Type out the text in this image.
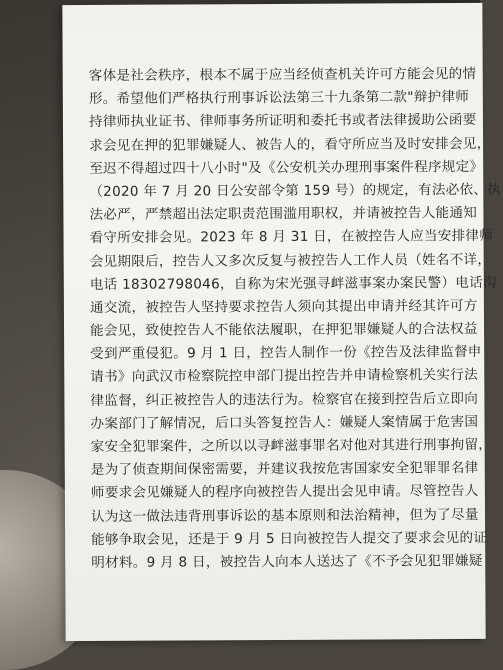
客体是社会秩序，根本不属于应当经侦查机关许可方能会见的情
形。希望他们严格执行刑事诉讼法第三十九条第二款"辩护律师
持律师执业证书、律师事务所证明和委托书或者法律援助公函要
求会见在押的犯罪嫌疑人、被告人的，看守所应当及时安排会见，
至迟不得超过四十八小时"及《公安机关办理刑事案件程序规定》
（2020 年 7 月 20 日公安部令第 159 号）的规定，有法必依、执
法必严，严禁超出法定职责范围滥用职权，并请被控告人能通知
看守所安排会见。2023 年 8 月 31 日，在被控告人应当安排律师
会见期限后，控告人又多次反复与被控告人工作人员（姓名不详，
电话 18302798046，自称为宋光强寻衅滋事案办案民警）电话沟
通交流，被控告人坚持要求控告人须向其提出申请并经其许可方
能会见，致使控告人不能依法履职，在押犯罪嫌疑人的合法权益
受到严重侵犯。9 月 1 日，控告人制作一份《控告及法律监督申
请书》向武汉市检察院控申部门提出控告并申请检察机关实行法
律监督，纠正被控告人的违法行为。检察官在接到控告后立即向
办案部门了解情况，后口头答复控告人：嫌疑人案情属于危害国
家安全犯罪案件，之所以以寻衅滋事罪名对他对其进行刑事拘留，
是为了侦查期间保密需要，并建议我按危害国家安全犯罪罪名律
师要求会见嫌疑人的程序向被控告人提出会见申请。尽管控告人
认为这一做法违背刑事诉讼的基本原则和法治精神，但为了尽量
能够争取会见，还是于 9 月 5 日向被控告人提交了要求会见的证
明材料。9 月 8 日，被控告人向本人送达了《不予会见犯罪嫌疑
